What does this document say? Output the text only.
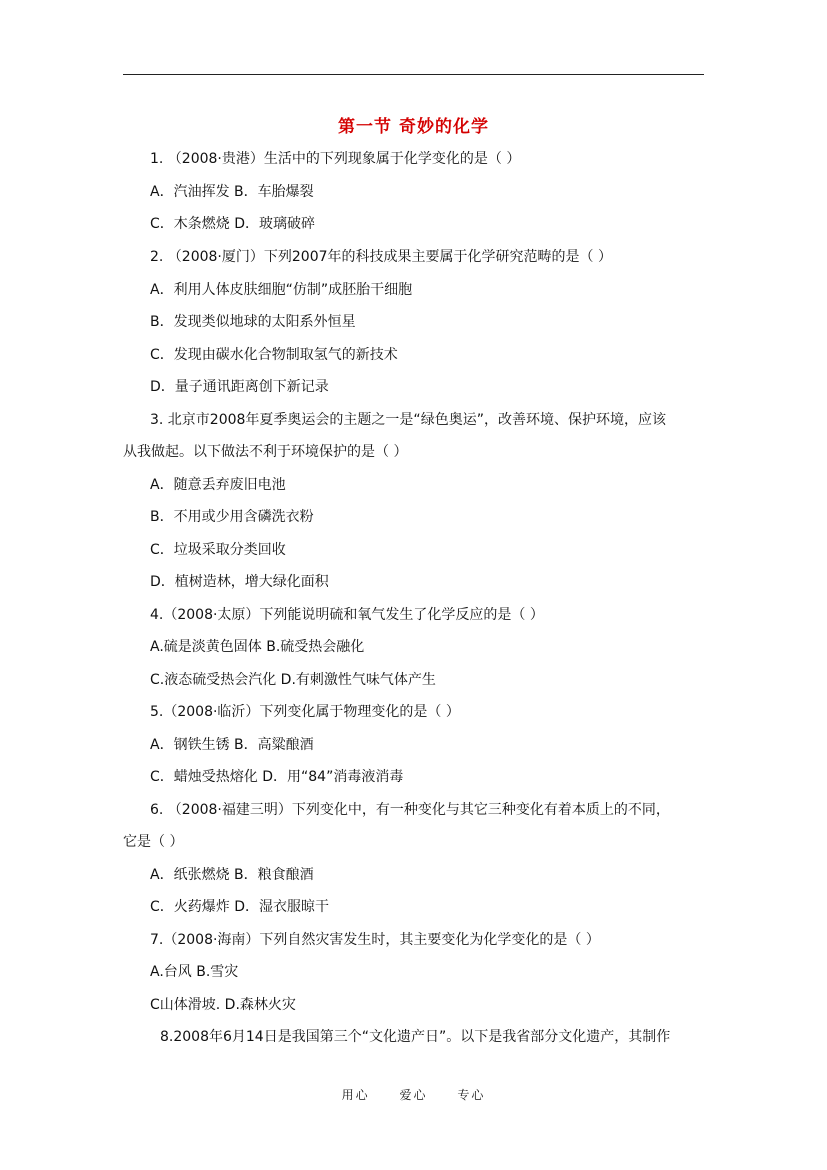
第一节 奇妙的化学
1. （2008·贵港）生活中的下列现象属于化学变化的是（ ）
A．汽油挥发 B．车胎爆裂
C．木条燃烧 D．玻璃破碎
2. （2008·厦门）下列2007年的科技成果主要属于化学研究范畴的是（ ）
A．利用人体皮肤细胞“仿制”成胚胎干细胞
B．发现类似地球的太阳系外恒星
C．发现由碳水化合物制取氢气的新技术
D．量子通讯距离创下新记录
3. 北京市2008年夏季奥运会的主题之一是“绿色奥运”，改善环境、保护环境，应该
从我做起。以下做法不利于环境保护的是（ ）
A．随意丢弃废旧电池
B．不用或少用含磷洗衣粉
C．垃圾采取分类回收
D．植树造林，增大绿化面积
4.（2008·太原）下列能说明硫和氧气发生了化学反应的是（ ）
A.硫是淡黄色固体 B.硫受热会融化
C.液态硫受热会汽化 D.有刺激性气味气体产生
5.（2008·临沂）下列变化属于物理变化的是（ ）
A．钢铁生锈 B．高粱酿酒
C．蜡烛受热熔化 D．用“84”消毒液消毒
6. （2008·福建三明）下列变化中，有一种变化与其它三种变化有着本质上的不同，
它是（ ）
A．纸张燃烧 B．粮食酿酒
C．火药爆炸 D．湿衣服晾干
7.（2008·海南）下列自然灾害发生时，其主要变化为化学变化的是（ ）
A.台风 B.雪灾
C山体滑坡. D.森林火灾
8.2008年6月14日是我国第三个“文化遗产日”。以下是我省部分文化遗产，其制作
用心 爱心 专心
